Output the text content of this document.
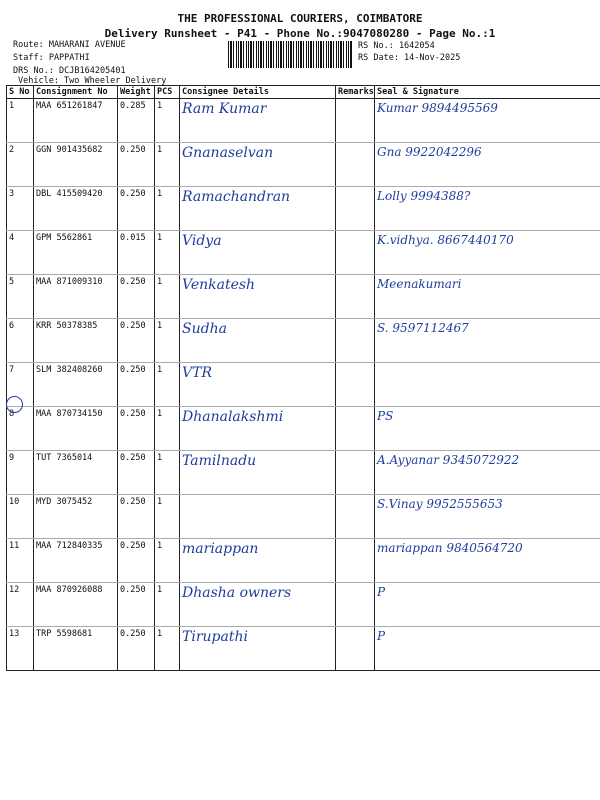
THE PROFESSIONAL COURIERS, COIMBATORE
Delivery Runsheet - P41 - Phone No.:9047080280 - Page No.:1
Route: MAHARANI AVENUE
Staff: PAPPATHI
DRS No.: DCJB164205401
Vehicle: Two Wheeler Delivery
RS No.: 1642054
RS Date: 14-Nov-2025
S No	Consignment No	Weight	PCS	Consignee Details	Remarks	Seal & Signature
1	MAA 651261847	0.285	1	Ram Kumar		Kumar 9894495569
2	GGN 901435682	0.250	1	Gnanaselvan		Gna 9922042296
3	DBL 415509420	0.250	1	Ramachandran		Lolly 9994388?
4	GPM 5562861	0.015	1	Vidya		K.vidhya. 8667440170
5	MAA 871009310	0.250	1	Venkatesh		Meenakumari
6	KRR 50378385	0.250	1	Sudha		S. 9597112467
7	SLM 382408260	0.250	1	VTR		
8	MAA 870734150	0.250	1	Dhanalakshmi		PS
9	TUT 7365014	0.250	1	Tamilnadu		A.Ayyanar 9345072922
10	MYD 3075452	0.250	1			S.Vinay 9952555653
11	MAA 712840335	0.250	1	mariappan		mariappan 9840564720
12	MAA 870926088	0.250	1	Dhasha owners		P
13	TRP 5598681	0.250	1	Tirupathi		P
